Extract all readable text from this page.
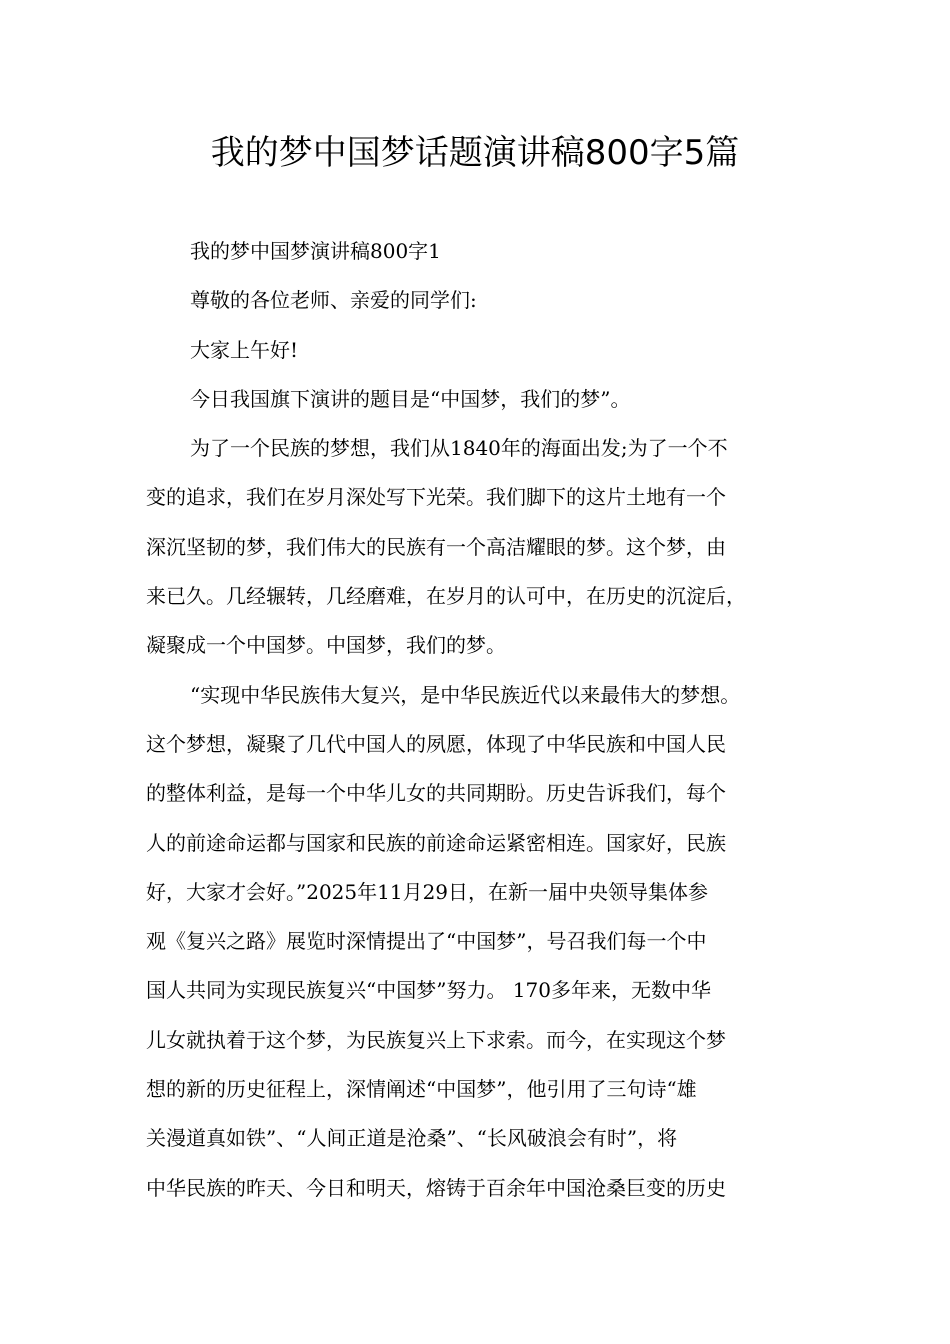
我的梦中国梦话题演讲稿800字5篇
我的梦中国梦演讲稿800字1
尊敬的各位老师、亲爱的同学们:
大家上午好!
今日我国旗下演讲的题目是“中国梦，我们的梦”。
为了一个民族的梦想，我们从1840年的海面出发;为了一个不
变的追求，我们在岁月深处写下光荣。我们脚下的这片土地有一个
深沉坚韧的梦，我们伟大的民族有一个高洁耀眼的梦。这个梦，由
来已久。几经辗转，几经磨难，在岁月的认可中，在历史的沉淀后，
凝聚成一个中国梦。中国梦，我们的梦。
“实现中华民族伟大复兴，是中华民族近代以来最伟大的梦想。
这个梦想，凝聚了几代中国人的夙愿，体现了中华民族和中国人民
的整体利益，是每一个中华儿女的共同期盼。历史告诉我们，每个
人的前途命运都与国家和民族的前途命运紧密相连。国家好，民族
好，大家才会好。”2025年11月29日，在新一届中央领导集体参
观《复兴之路》展览时深情提出了“中国梦”，号召我们每一个中
国人共同为实现民族复兴“中国梦”努力。 170多年来，无数中华
儿女就执着于这个梦，为民族复兴上下求索。而今，在实现这个梦
想的新的历史征程上，深情阐述“中国梦”，他引用了三句诗“雄
关漫道真如铁”、“人间正道是沧桑”、“长风破浪会有时”，将
中华民族的昨天、今日和明天，熔铸于百余年中国沧桑巨变的历史
